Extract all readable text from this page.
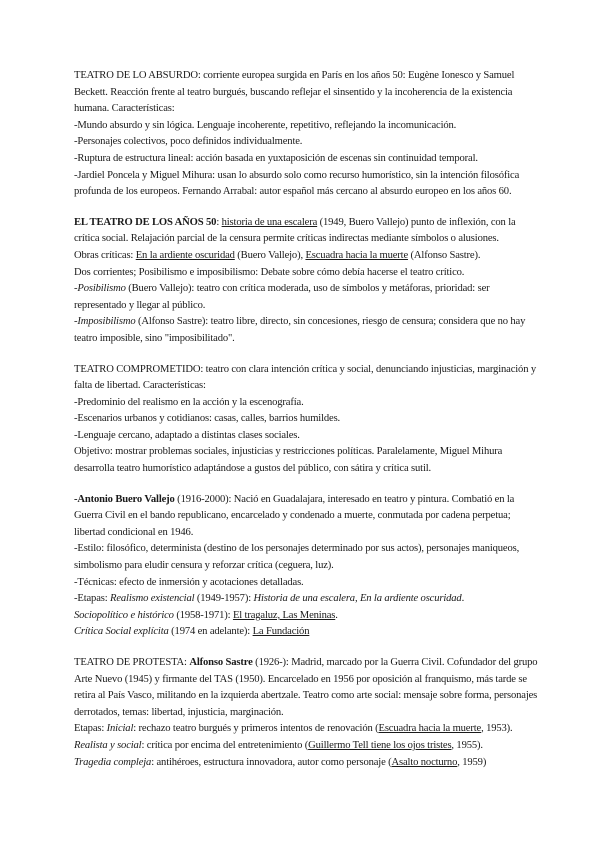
TEATRO DE LO ABSURDO: corriente europea surgida en París en los años 50: Eugène Ionesco y Samuel Beckett. Reacción frente al teatro burgués, buscando reflejar el sinsentido y la incoherencia de la existencia humana. Características:

-Mundo absurdo y sin lógica. Lenguaje incoherente, repetitivo, reflejando la incomunicación.

-Personajes colectivos, poco definidos individualmente.

-Ruptura de estructura lineal: acción basada en yuxtaposición de escenas sin continuidad temporal.

-Jardiel Poncela y Miguel Mihura: usan lo absurdo solo como recurso humorístico, sin la intención filosófica profunda de los europeos. Fernando Arrabal: autor español más cercano al absurdo europeo en los años 60.

EL TEATRO DE LOS AÑOS 50: historia de una escalera (1949, Buero Vallejo) punto de inflexión, con la crítica social. Relajación parcial de la censura permite críticas indirectas mediante símbolos o alusiones.

Obras críticas: En la ardiente oscuridad (Buero Vallejo), Escuadra hacia la muerte (Alfonso Sastre).

Dos corrientes; Posibilismo e imposibilismo: Debate sobre cómo debía hacerse el teatro crítico.

-Posibilismo (Buero Vallejo): teatro con crítica moderada, uso de símbolos y metáforas, prioridad: ser representado y llegar al público.

-Imposibilismo (Alfonso Sastre): teatro libre, directo, sin concesiones, riesgo de censura; considera que no hay teatro imposible, sino "imposibilitado".

TEATRO COMPROMETIDO: teatro con clara intención crítica y social, denunciando injusticias, marginación y falta de libertad. Características:

-Predominio del realismo en la acción y la escenografía.

-Escenarios urbanos y cotidianos: casas, calles, barrios humildes.

-Lenguaje cercano, adaptado a distintas clases sociales.

Objetivo: mostrar problemas sociales, injusticias y restricciones políticas. Paralelamente, Miguel Mihura desarrolla teatro humorístico adaptándose a gustos del público, con sátira y crítica sutil.

-Antonio Buero Vallejo (1916-2000): Nació en Guadalajara, interesado en teatro y pintura. Combatió en la Guerra Civil en el bando republicano, encarcelado y condenado a muerte, conmutada por cadena perpetua; libertad condicional en 1946.

-Estilo: filosófico, determinista (destino de los personajes determinado por sus actos), personajes maniqueos, simbolismo para eludir censura y reforzar crítica (ceguera, luz).

-Técnicas: efecto de inmersión y acotaciones detalladas.

-Etapas: Realismo existencial (1949-1957): Historia de una escalera, En la ardiente oscuridad.

Sociopolítico e histórico (1958-1971): El tragaluz, Las Meninas.

Crítica Social explícita (1974 en adelante): La Fundación

TEATRO DE PROTESTA: Alfonso Sastre (1926-): Madrid, marcado por la Guerra Civil. Cofundador del grupo Arte Nuevo (1945) y firmante del TAS (1950). Encarcelado en 1956 por oposición al franquismo, más tarde se retira al País Vasco, militando en la izquierda abertzale. Teatro como arte social: mensaje sobre forma, personajes derrotados, temas: libertad, injusticia, marginación.

Etapas: Inicial: rechazo teatro burgués y primeros intentos de renovación (Escuadra hacia la muerte, 1953).

Realista y social: crítica por encima del entretenimiento (Guillermo Tell tiene los ojos tristes, 1955).

Tragedia compleja: antihéroes, estructura innovadora, autor como personaje (Asalto nocturno, 1959)
